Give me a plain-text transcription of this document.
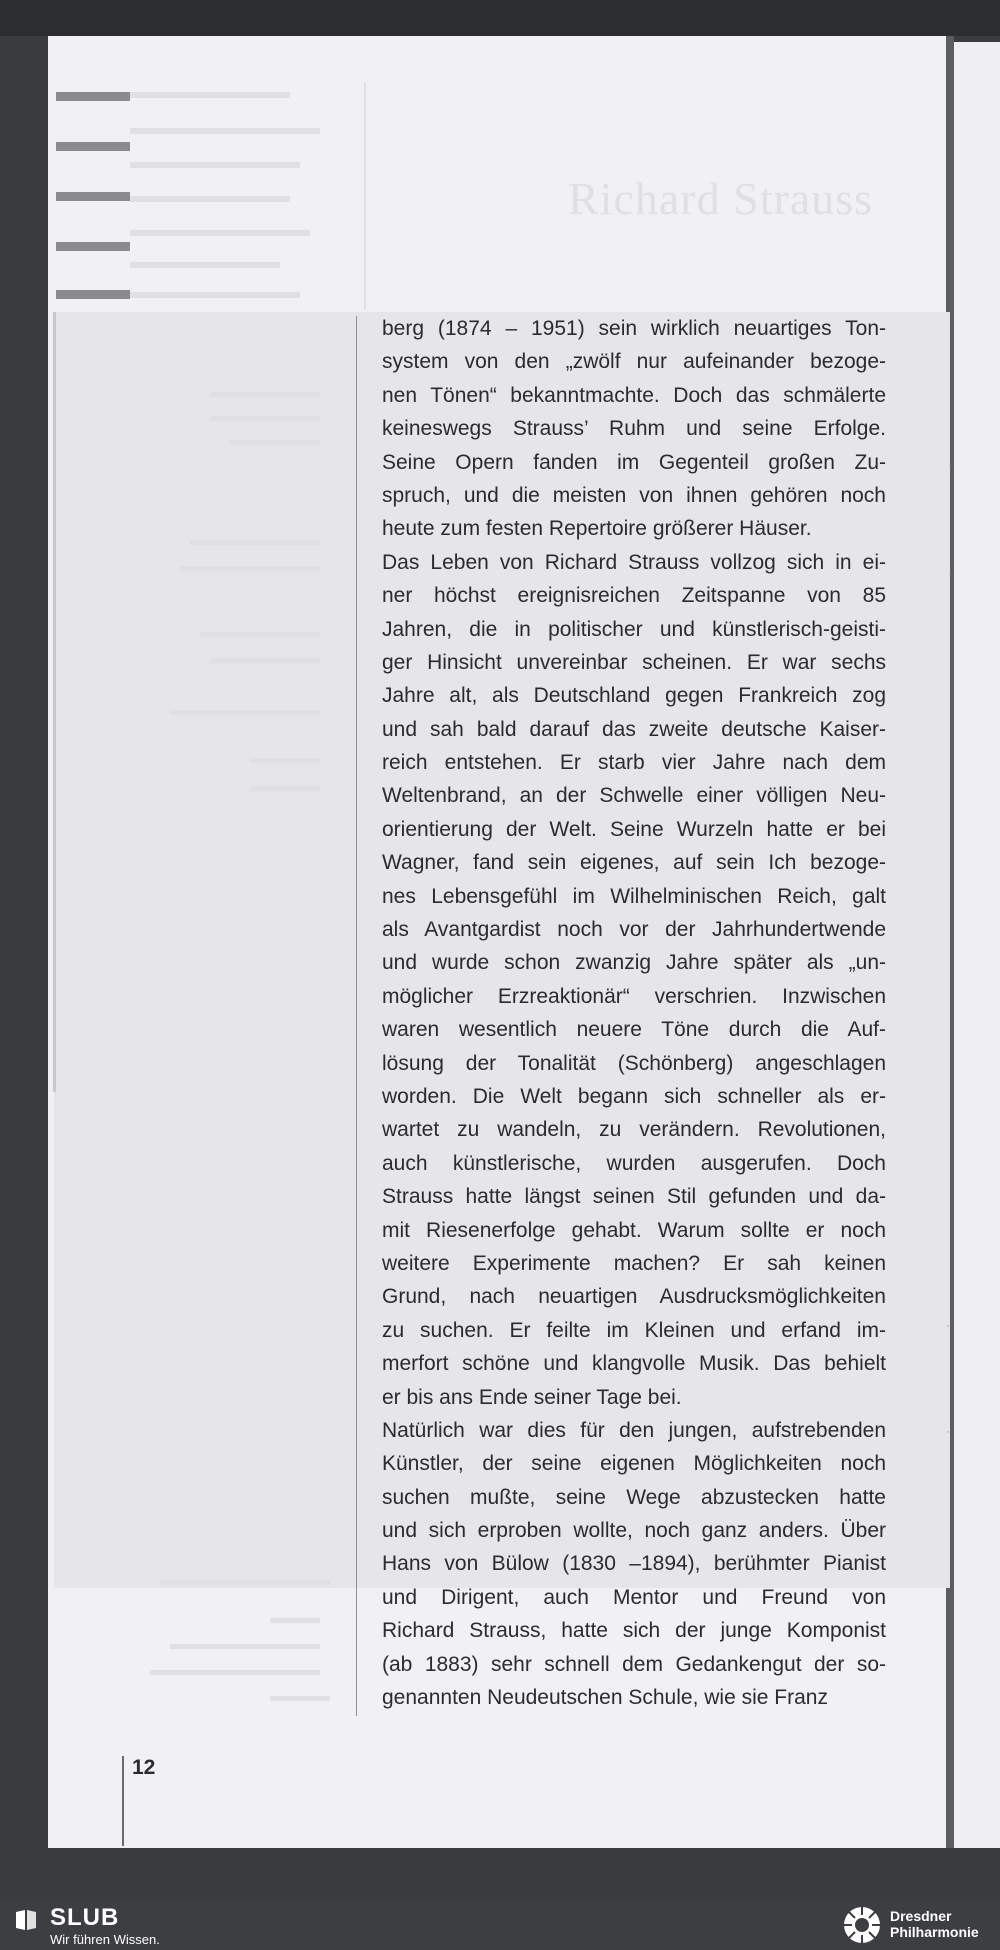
Richard Strauss
berg (1874 – 1951) sein wirklich neuartiges Ton-
system von den „zwölf nur aufeinander bezoge-
nen Tönen“ bekanntmachte. Doch das schmälerte
keineswegs Strauss’ Ruhm und seine Erfolge.
Seine Opern fanden im Gegenteil großen Zu-
spruch, und die meisten von ihnen gehören noch
heute zum festen Repertoire größerer Häuser.
Das Leben von Richard Strauss vollzog sich in ei-
ner höchst ereignisreichen Zeitspanne von 85
Jahren, die in politischer und künstlerisch-geisti-
ger Hinsicht unvereinbar scheinen. Er war sechs
Jahre alt, als Deutschland gegen Frankreich zog
und sah bald darauf das zweite deutsche Kaiser-
reich entstehen. Er starb vier Jahre nach dem
Weltenbrand, an der Schwelle einer völligen Neu-
orientierung der Welt. Seine Wurzeln hatte er bei
Wagner, fand sein eigenes, auf sein Ich bezoge-
nes Lebensgefühl im Wilhelminischen Reich, galt
als Avantgardist noch vor der Jahrhundertwende
und wurde schon zwanzig Jahre später als „un-
möglicher Erzreaktionär“ verschrien. Inzwischen
waren wesentlich neuere Töne durch die Auf-
lösung der Tonalität (Schönberg) angeschlagen
worden. Die Welt begann sich schneller als er-
wartet zu wandeln, zu verändern. Revolutionen,
auch künstlerische, wurden ausgerufen. Doch
Strauss hatte längst seinen Stil gefunden und da-
mit Riesenerfolge gehabt. Warum sollte er noch
weitere Experimente machen? Er sah keinen
Grund, nach neuartigen Ausdrucksmöglichkeiten
zu suchen. Er feilte im Kleinen und erfand im-
merfort schöne und klangvolle Musik. Das behielt
er bis ans Ende seiner Tage bei.
Natürlich war dies für den jungen, aufstrebenden
Künstler, der seine eigenen Möglichkeiten noch
suchen mußte, seine Wege abzustecken hatte
und sich erproben wollte, noch ganz anders. Über
Hans von Bülow (1830 –1894), berühmter Pianist
und Dirigent, auch Mentor und Freund von
Richard Strauss, hatte sich der junge Komponist
(ab 1883) sehr schnell dem Gedankengut der so-
genannten Neudeutschen Schule, wie sie Franz
·
·
·
·
12
SLUB
Wir führen Wissen.
Dresdner
Philharmonie
